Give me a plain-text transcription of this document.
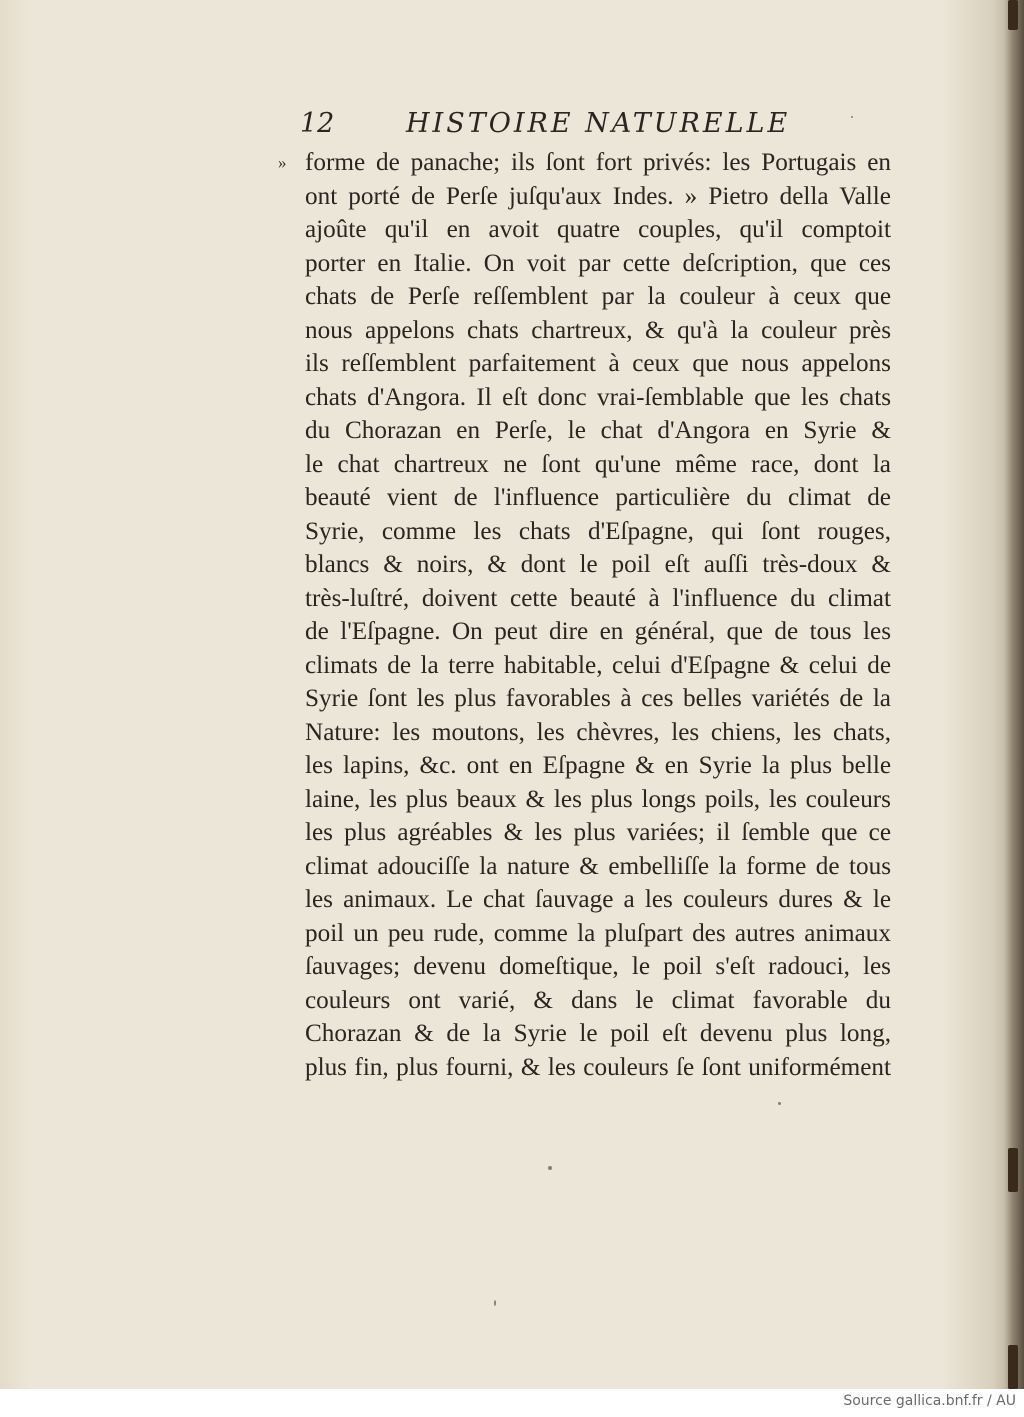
12	HISTOIRE NATURELLE
» forme de panache; ils ſont fort privés: les Portugais en
ont porté de Perſe juſqu'aux Indes. » Pietro della Valle
ajoûte qu'il en avoit quatre couples, qu'il comptoit
porter en Italie. On voit par cette deſcription, que ces
chats de Perſe reſſemblent par la couleur à ceux que
nous appelons chats chartreux, & qu'à la couleur près
ils reſſemblent parfaitement à ceux que nous appelons
chats d'Angora. Il eſt donc vrai-ſemblable que les chats
du Chorazan en Perſe, le chat d'Angora en Syrie &
le chat chartreux ne ſont qu'une même race, dont la
beauté vient de l'influence particulière du climat de
Syrie, comme les chats d'Eſpagne, qui ſont rouges,
blancs & noirs, & dont le poil eſt auſſi très-doux &
très-luſtré, doivent cette beauté à l'influence du climat
de l'Eſpagne. On peut dire en général, que de tous les
climats de la terre habitable, celui d'Eſpagne & celui de
Syrie ſont les plus favorables à ces belles variétés de la
Nature: les moutons, les chèvres, les chiens, les chats,
les lapins, &c. ont en Eſpagne & en Syrie la plus belle
laine, les plus beaux & les plus longs poils, les couleurs
les plus agréables & les plus variées; il ſemble que ce
climat adouciſſe la nature & embelliſſe la forme de tous
les animaux. Le chat ſauvage a les couleurs dures & le
poil un peu rude, comme la pluſpart des autres animaux
ſauvages; devenu domeſtique, le poil s'eſt radouci, les
couleurs ont varié, & dans le climat favorable du
Chorazan & de la Syrie le poil eſt devenu plus long,
plus fin, plus fourni, & les couleurs ſe ſont uniformément
Source gallica.bnf.fr / AU
